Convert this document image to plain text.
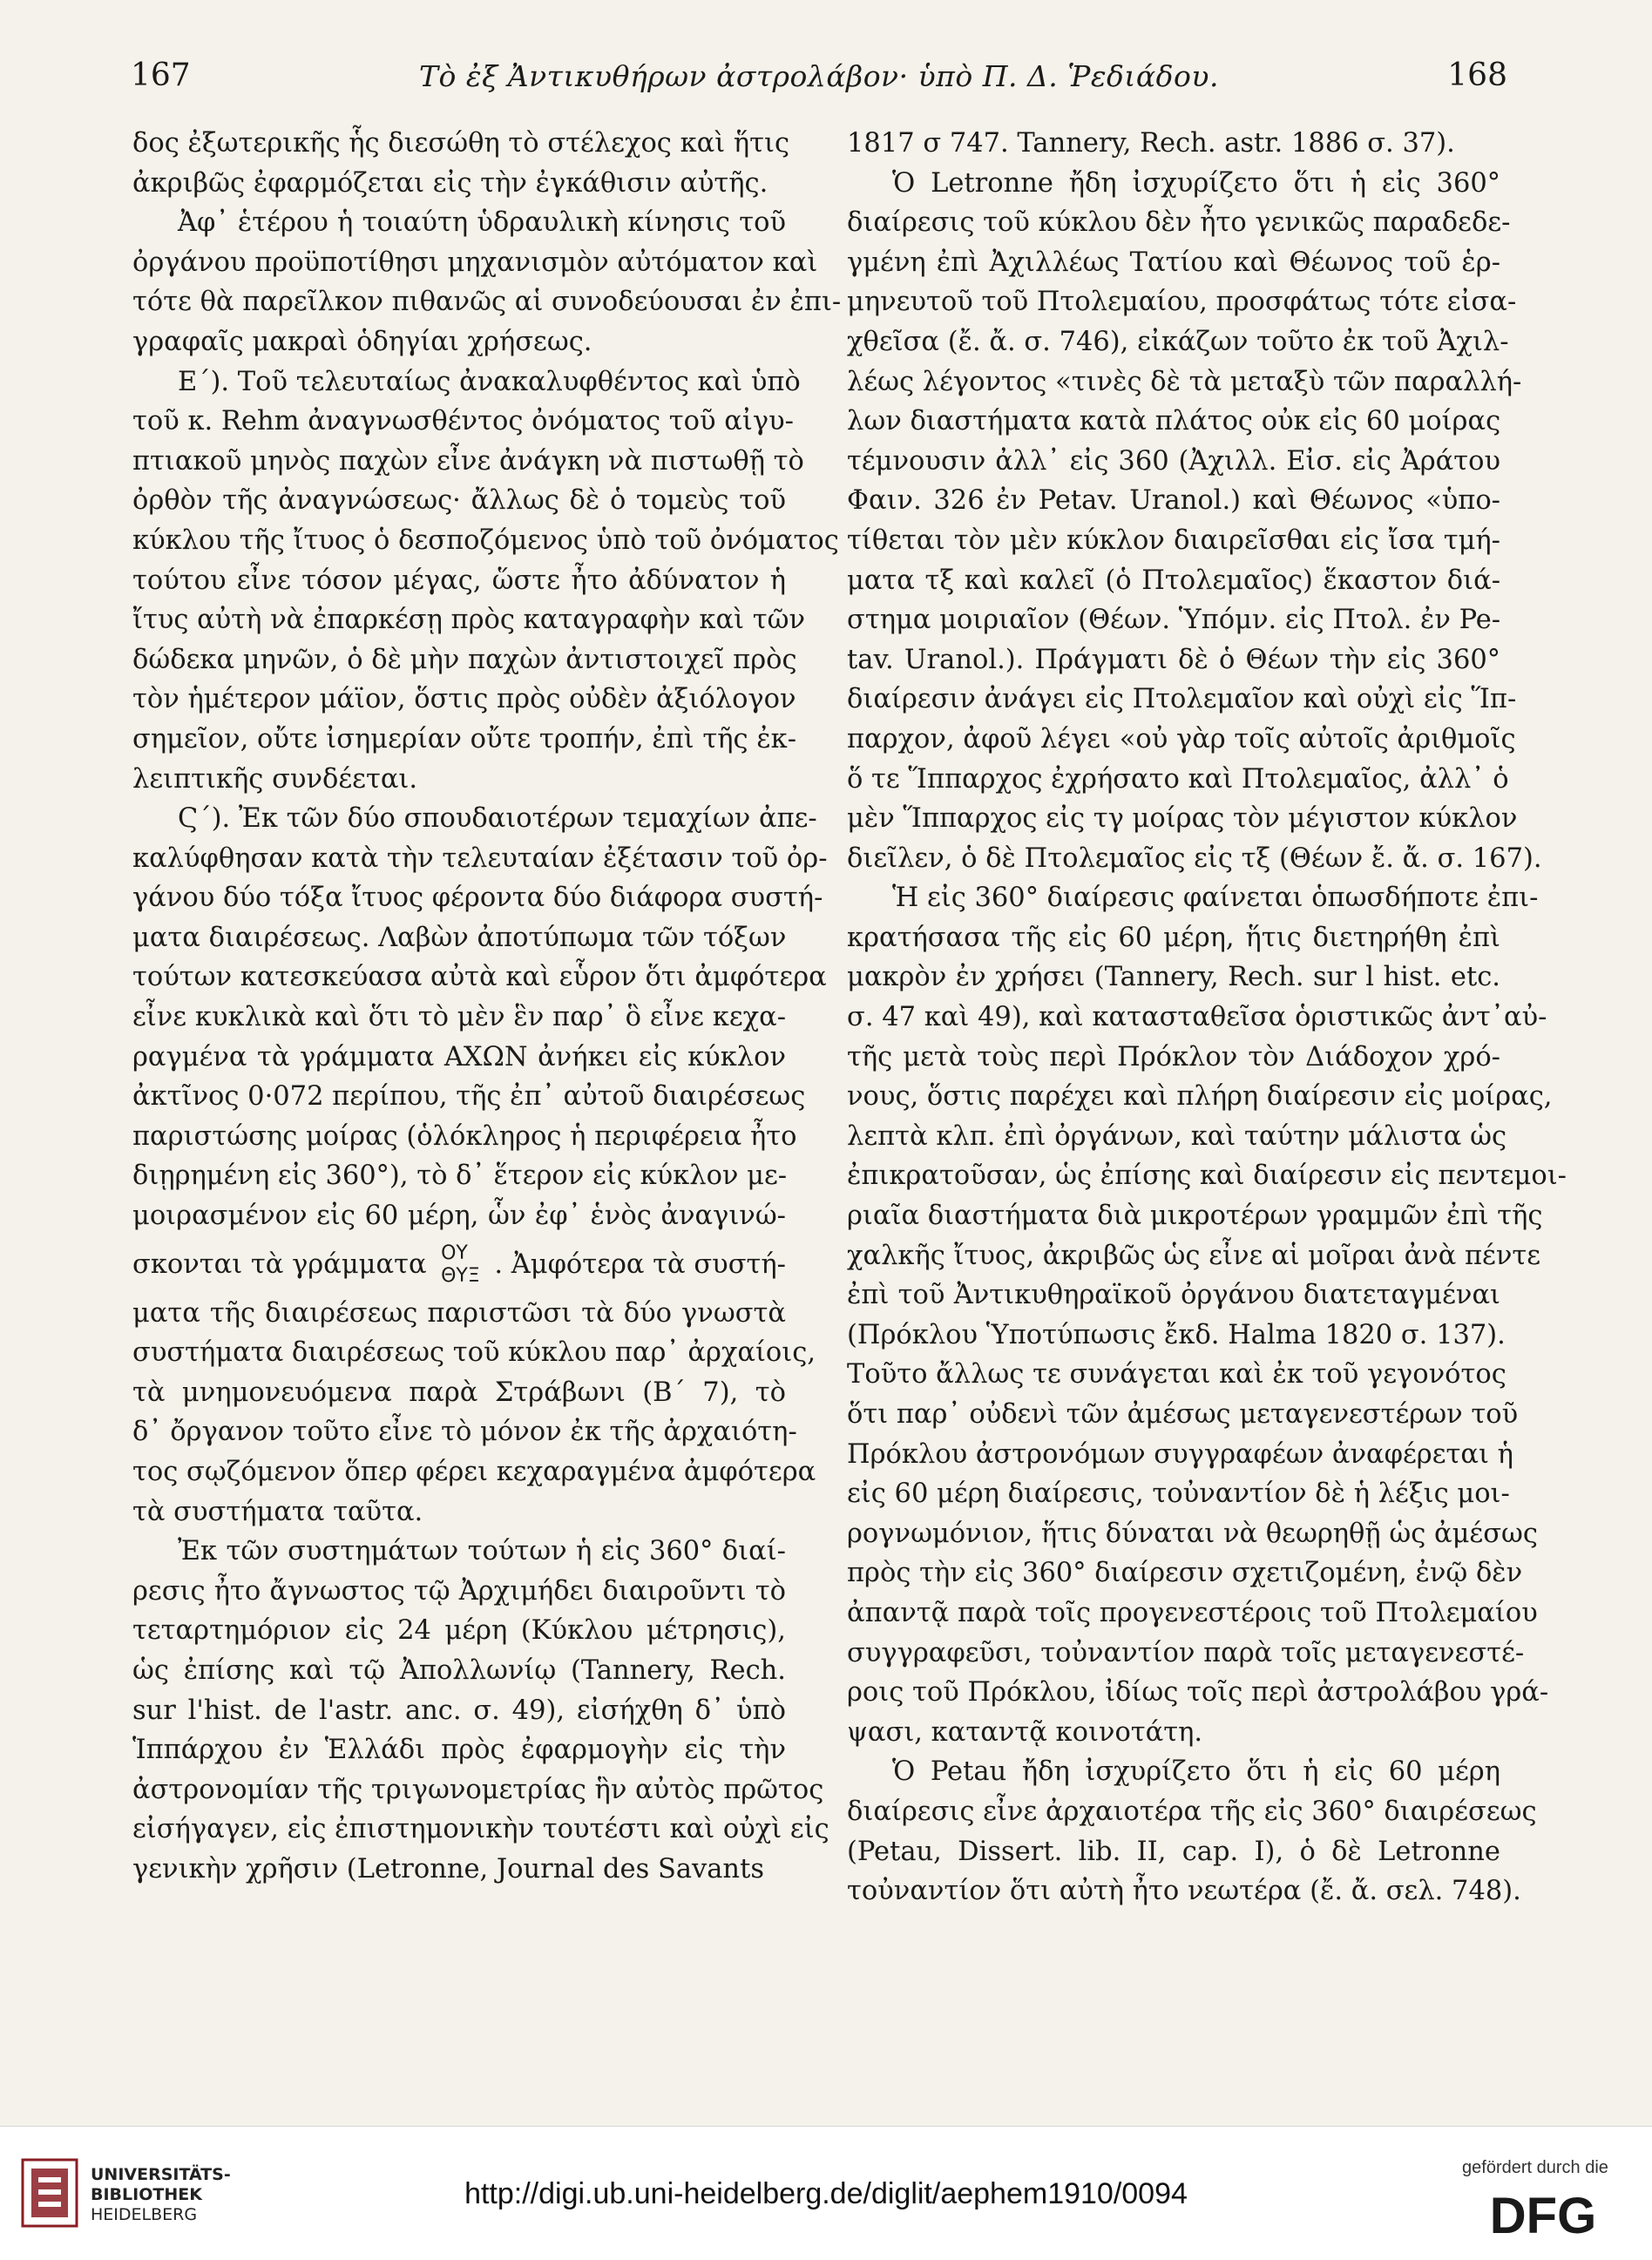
167	Τὸ ἐξ Ἀντικυθήρων ἀστρολάβον· ὑπὸ Π. Δ. Ῥεδιάδου.	168

δος ἐξωτερικῆς ἧς διεσώθη τὸ στέλεχος καὶ ἥτις
ἀκριβῶς ἐφαρμόζεται εἰς τὴν ἐγκάθισιν αὐτῆς.

Ἀφ᾽ ἑτέρου ἡ τοιαύτη ὑδραυλικὴ κίνησις τοῦ
ὀργάνου προϋποτίθησι μηχανισμὸν αὐτόματον καὶ
τότε θὰ παρεῖλκον πιθανῶς αἱ συνοδεύουσαι ἐν ἐπι-
γραφαῖς μακραὶ ὁδηγίαι χρήσεως.

Ε΄). Τοῦ τελευταίως ἀνακαλυφθέντος καὶ ὑπὸ
τοῦ κ. Rehm ἀναγνωσθέντος ὀνόματος τοῦ αἰγυ-
πτιακοῦ μηνὸς παχὼν εἶνε ἀνάγκη νὰ πιστωθῇ τὸ
ὀρθὸν τῆς ἀναγνώσεως· ἄλλως δὲ ὁ τομεὺς τοῦ
κύκλου τῆς ἴτυος ὁ δεσποζόμενος ὑπὸ τοῦ ὀνόματος
τούτου εἶνε τόσον μέγας, ὥστε ἦτο ἀδύνατον ἡ
ἴτυς αὐτὴ νὰ ἐπαρκέσῃ πρὸς καταγραφὴν καὶ τῶν
δώδεκα μηνῶν, ὁ δὲ μὴν παχὼν ἀντιστοιχεῖ πρὸς
τὸν ἡμέτερον μάϊον, ὅστις πρὸς οὐδὲν ἀξιόλογον
σημεῖον, οὔτε ἰσημερίαν οὔτε τροπήν, ἐπὶ τῆς ἐκ-
λειπτικῆς συνδέεται.

Ϛ΄). Ἐκ τῶν δύο σπουδαιοτέρων τεμαχίων ἀπε-
καλύφθησαν κατὰ τὴν τελευταίαν ἐξέτασιν τοῦ ὀρ-
γάνου δύο τόξα ἴτυος φέροντα δύο διάφορα συστή-
ματα διαιρέσεως. Λαβὼν ἀποτύπωμα τῶν τόξων
τούτων κατεσκεύασα αὐτὰ καὶ εὗρον ὅτι ἀμφότερα
εἶνε κυκλικὰ καὶ ὅτι τὸ μὲν ἓν παρ᾽ ὃ εἶνε κεχα-
ραγμένα τὰ γράμματα ΑΧΩΝ ἀνήκει εἰς κύκλον
ἀκτῖνος 0·072 περίπου, τῆς ἐπ᾽ αὐτοῦ διαιρέσεως
παριστώσης μοίρας (ὁλόκληρος ἡ περιφέρεια ἦτο
διῃρημένη εἰς 360°), τὸ δ᾽ ἕτερον εἰς κύκλον με-
μοιρασμένον εἰς 60 μέρη, ὧν ἐφ᾽ ἑνὸς ἀναγινώ-
σκονται τὰ γράμματα ΟΥ
ΘΥΞ . Ἀμφότερα τὰ συστή-
ματα τῆς διαιρέσεως παριστῶσι τὰ δύο γνωστὰ
συστήματα διαιρέσεως τοῦ κύκλου παρ᾽ ἀρχαίοις,
τὰ μνημονευόμενα παρὰ Στράβωνι (Β΄ 7), τὸ
δ᾽ ὄργανον τοῦτο εἶνε τὸ μόνον ἐκ τῆς ἀρχαιότη-
τος σῳζόμενον ὅπερ φέρει κεχαραγμένα ἀμφότερα
τὰ συστήματα ταῦτα.

Ἐκ τῶν συστημάτων τούτων ἡ εἰς 360° διαί-
ρεσις ἦτο ἄγνωστος τῷ Ἀρχιμήδει διαιροῦντι τὸ
τεταρτημόριον εἰς 24 μέρη (Κύκλου μέτρησις),
ὡς ἐπίσης καὶ τῷ Ἀπολλωνίῳ (Tannery, Rech.
sur l'hist. de l'astr. anc. σ. 49), εἰσήχθη δ᾽ ὑπὸ
Ἱππάρχου ἐν Ἑλλάδι πρὸς ἐφαρμογὴν εἰς τὴν
ἀστρονομίαν τῆς τριγωνομετρίας ἣν αὐτὸς πρῶτος
εἰσήγαγεν, εἰς ἐπιστημονικὴν τουτέστι καὶ οὐχὶ εἰς
γενικὴν χρῆσιν (Letronne, Journal des Savants

1817 σ 747. Tannery, Rech. astr. 1886 σ. 37).

Ὁ Letronne ἤδη ἰσχυρίζετο ὅτι ἡ εἰς 360°
διαίρεσις τοῦ κύκλου δὲν ἦτο γενικῶς παραδεδε-
γμένη ἐπὶ Ἀχιλλέως Τατίου καὶ Θέωνος τοῦ ἑρ-
μηνευτοῦ τοῦ Πτολεμαίου, προσφάτως τότε εἰσα-
χθεῖσα (ἔ. ἄ. σ. 746), εἰκάζων τοῦτο ἐκ τοῦ Ἀχιλ-
λέως λέγοντος «τινὲς δὲ τὰ μεταξὺ τῶν παραλλή-
λων διαστήματα κατὰ πλάτος οὐκ εἰς 60 μοίρας
τέμνουσιν ἀλλ᾽ εἰς 360 (Ἀχιλλ. Εἰσ. εἰς Ἀράτου
Φαιν. 326 ἐν Petav. Uranol.) καὶ Θέωνος «ὑπο-
τίθεται τὸν μὲν κύκλον διαιρεῖσθαι εἰς ἴσα τμή-
ματα τξ καὶ καλεῖ (ὁ Πτολεμαῖος) ἕκαστον διά-
στημα μοιριαῖον (Θέων. Ὑπόμν. εἰς Πτολ. ἐν Pe-
tav. Uranol.). Πράγματι δὲ ὁ Θέων τὴν εἰς 360°
διαίρεσιν ἀνάγει εἰς Πτολεμαῖον καὶ οὐχὶ εἰς Ἵπ-
παρχον, ἀφοῦ λέγει «οὐ γὰρ τοῖς αὐτοῖς ἀριθμοῖς
ὅ τε Ἵππαρχος ἐχρήσατο καὶ Πτολεμαῖος, ἀλλ᾽ ὁ
μὲν Ἵππαρχος εἰς τγ μοίρας τὸν μέγιστον κύκλον
διεῖλεν, ὁ δὲ Πτολεμαῖος εἰς τξ (Θέων ἔ. ἄ. σ. 167).

Ἡ εἰς 360° διαίρεσις φαίνεται ὁπωσδήποτε ἐπι-
κρατήσασα τῆς εἰς 60 μέρη, ἥτις διετηρήθη ἐπὶ
μακρὸν ἐν χρήσει (Tannery, Rech. sur l hist. etc.
σ. 47 καὶ 49), καὶ κατασταθεῖσα ὁριστικῶς ἀντ᾽αὐ-
τῆς μετὰ τοὺς περὶ Πρόκλον τὸν Διάδοχον χρό-
νους, ὅστις παρέχει καὶ πλήρη διαίρεσιν εἰς μοίρας,
λεπτὰ κλπ. ἐπὶ ὀργάνων, καὶ ταύτην μάλιστα ὡς
ἐπικρατοῦσαν, ὡς ἐπίσης καὶ διαίρεσιν εἰς πεντεμοι-
ριαῖα διαστήματα διὰ μικροτέρων γραμμῶν ἐπὶ τῆς
χαλκῆς ἴτυος, ἀκριβῶς ὡς εἶνε αἱ μοῖραι ἀνὰ πέντε
ἐπὶ τοῦ Ἀντικυθηραϊκοῦ ὀργάνου διατεταγμέναι
(Πρόκλου Ὑποτύπωσις ἔκδ. Halma 1820 σ. 137).
Τοῦτο ἄλλως τε συνάγεται καὶ ἐκ τοῦ γεγονότος
ὅτι παρ᾽ οὐδενὶ τῶν ἀμέσως μεταγενεστέρων τοῦ
Πρόκλου ἀστρονόμων συγγραφέων ἀναφέρεται ἡ
εἰς 60 μέρη διαίρεσις, τοὐναντίον δὲ ἡ λέξις μοι-
ρογνωμόνιον, ἥτις δύναται νὰ θεωρηθῇ ὡς ἀμέσως
πρὸς τὴν εἰς 360° διαίρεσιν σχετιζομένη, ἐνῷ δὲν
ἀπαντᾷ παρὰ τοῖς προγενεστέροις τοῦ Πτολεμαίου
συγγραφεῦσι, τοὐναντίον παρὰ τοῖς μεταγενεστέ-
ροις τοῦ Πρόκλου, ἰδίως τοῖς περὶ ἀστρολάβου γρά-
ψασι, καταντᾷ κοινοτάτη.

Ὁ Petau ἤδη ἰσχυρίζετο ὅτι ἡ εἰς 60 μέρη
διαίρεσις εἶνε ἀρχαιοτέρα τῆς εἰς 360° διαιρέσεως
(Petau, Dissert. lib. II, cap. I), ὁ δὲ Letronne
τοὐναντίον ὅτι αὐτὴ ἦτο νεωτέρα (ἔ. ἄ. σελ. 748).

UNIVERSITÄTS-
BIBLIOTHEK
HEIDELBERG
http://digi.ub.uni-heidelberg.de/diglit/aephem1910/0094
gefördert durch die
DFG
